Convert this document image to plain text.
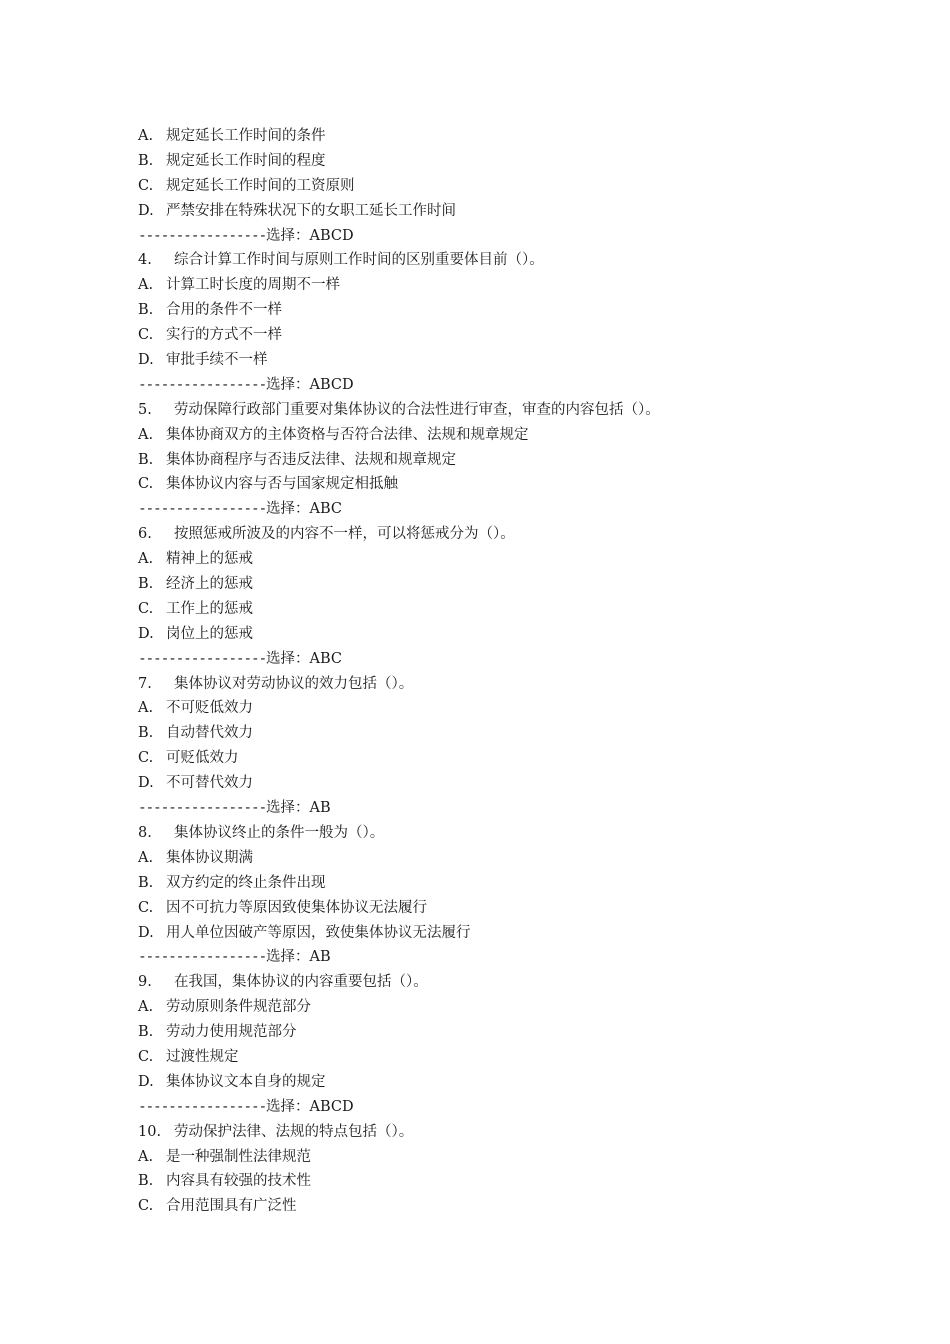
A. 规定延长工作时间的条件
B. 规定延长工作时间的程度
C. 规定延长工作时间的工资原则
D. 严禁安排在特殊状况下的女职工延长工作时间
-----------------选择：ABCD
4. 综合计算工作时间与原则工作时间的区别重要体目前（）。
A. 计算工时长度的周期不一样
B. 合用的条件不一样
C. 实行的方式不一样
D. 审批手续不一样
-----------------选择：ABCD
5. 劳动保障行政部门重要对集体协议的合法性进行审查，审查的内容包括（）。
A. 集体协商双方的主体资格与否符合法律、法规和规章规定
B. 集体协商程序与否违反法律、法规和规章规定
C. 集体协议内容与否与国家规定相抵触
-----------------选择：ABC
6. 按照惩戒所波及的内容不一样，可以将惩戒分为（）。
A. 精神上的惩戒
B. 经济上的惩戒
C. 工作上的惩戒
D. 岗位上的惩戒
-----------------选择：ABC
7. 集体协议对劳动协议的效力包括（）。
A. 不可贬低效力
B. 自动替代效力
C. 可贬低效力
D. 不可替代效力
-----------------选择：AB
8. 集体协议终止的条件一般为（）。
A. 集体协议期满
B. 双方约定的终止条件出现
C. 因不可抗力等原因致使集体协议无法履行
D. 用人单位因破产等原因，致使集体协议无法履行
-----------------选择：AB
9. 在我国，集体协议的内容重要包括（）。
A. 劳动原则条件规范部分
B. 劳动力使用规范部分
C. 过渡性规定
D. 集体协议文本自身的规定
-----------------选择：ABCD
10. 劳动保护法律、法规的特点包括（）。
A. 是一种强制性法律规范
B. 内容具有较强的技术性
C. 合用范围具有广泛性
